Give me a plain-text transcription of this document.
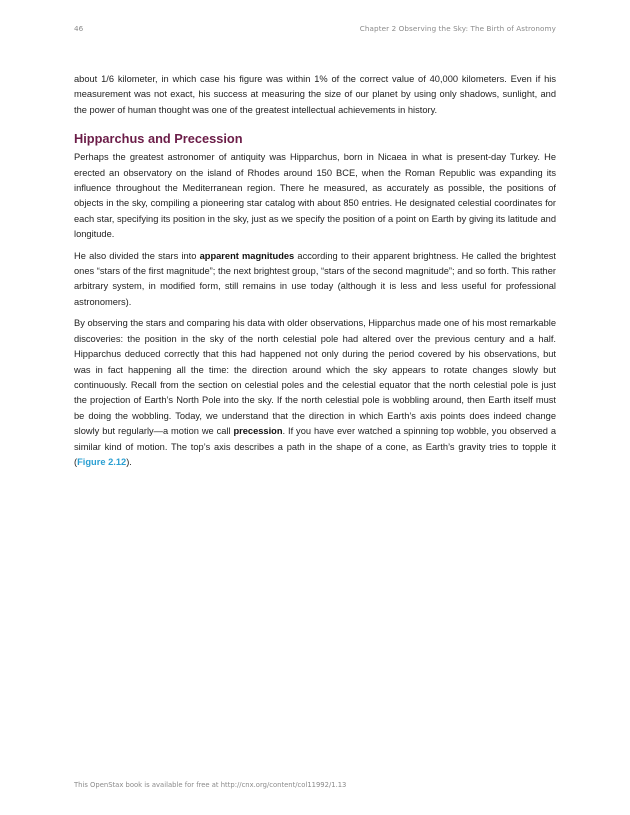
46	Chapter 2 Observing the Sky: The Birth of Astronomy

about 1/6 kilometer, in which case his figure was within 1% of the correct value of 40,000 kilometers. Even if his measurement was not exact, his success at measuring the size of our planet by using only shadows, sunlight, and the power of human thought was one of the greatest intellectual achievements in history.

Hipparchus and Precession

Perhaps the greatest astronomer of antiquity was Hipparchus, born in Nicaea in what is present-day Turkey. He erected an observatory on the island of Rhodes around 150 BCE, when the Roman Republic was expanding its influence throughout the Mediterranean region. There he measured, as accurately as possible, the positions of objects in the sky, compiling a pioneering star catalog with about 850 entries. He designated celestial coordinates for each star, specifying its position in the sky, just as we specify the position of a point on Earth by giving its latitude and longitude.

He also divided the stars into apparent magnitudes according to their apparent brightness. He called the brightest ones “stars of the first magnitude”; the next brightest group, “stars of the second magnitude”; and so forth. This rather arbitrary system, in modified form, still remains in use today (although it is less and less useful for professional astronomers).

By observing the stars and comparing his data with older observations, Hipparchus made one of his most remarkable discoveries: the position in the sky of the north celestial pole had altered over the previous century and a half. Hipparchus deduced correctly that this had happened not only during the period covered by his observations, but was in fact happening all the time: the direction around which the sky appears to rotate changes slowly but continuously. Recall from the section on celestial poles and the celestial equator that the north celestial pole is just the projection of Earth’s North Pole into the sky. If the north celestial pole is wobbling around, then Earth itself must be doing the wobbling. Today, we understand that the direction in which Earth’s axis points does indeed change slowly but regularly—a motion we call precession. If you have ever watched a spinning top wobble, you observed a similar kind of motion. The top’s axis describes a path in the shape of a cone, as Earth’s gravity tries to topple it (Figure 2.12).

This OpenStax book is available for free at http://cnx.org/content/col11992/1.13
